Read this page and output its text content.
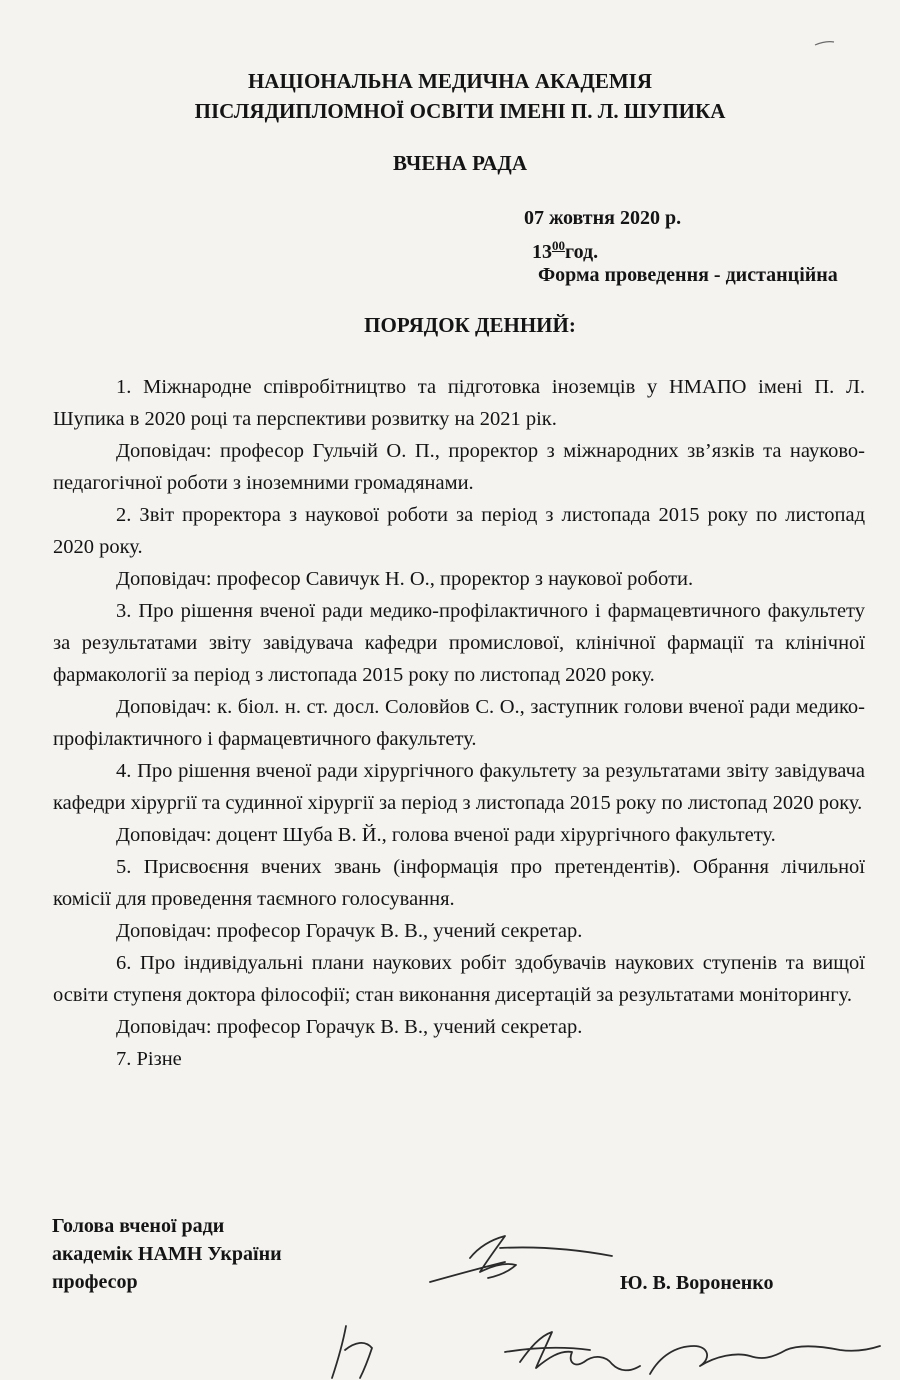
НАЦІОНАЛЬНА МЕДИЧНА АКАДЕМІЯ
ПІСЛЯДИПЛОМНОЇ ОСВІТИ ІМЕНІ П. Л. ШУПИКА
ВЧЕНА РАДА
07 жовтня 2020 р.
$13^{00}год$.
Форма проведення - дистанційна
ПОРЯДОК ДЕННИЙ:

1. Міжнародне співробітництво та підготовка іноземців у НМАПО імені П. Л. Шупика в 2020 році та перспективи розвитку на 2021 рік.

Доповідач: професор Гульчій О. П., проректор з міжнародних зв’язків та науково-педагогічної роботи з іноземними громадянами.

2. Звіт проректора з наукової роботи за період з листопада 2015 року по листопад 2020 року.

Доповідач: професор Савичук Н. О., проректор з наукової роботи.

3. Про рішення вченої ради медико-профілактичного і фармацевтичного факультету за результатами звіту завідувача кафедри промислової, клінічної фармації та клінічної фармакології за період з листопада 2015 року по листопад 2020 року.

Доповідач: к. біол. н. ст. досл. Соловйов С. О., заступник голови вченої ради медико-профілактичного і фармацевтичного факультету.

4. Про рішення вченої ради хірургічного факультету за результатами звіту завідувача кафедри хірургії та судинної хірургії за період з листопада 2015 року по листопад 2020 року.

Доповідач: доцент Шуба В. Й., голова вченої ради хірургічного факультету.

5. Присвоєння вчених звань (інформація про претендентів). Обрання лічильної комісії для проведення таємного голосування.

Доповідач: професор Горачук В. В., учений секретар.

6. Про індивідуальні плани наукових робіт здобувачів наукових ступенів та вищої освіти ступеня доктора філософії; стан виконання дисертацій за результатами моніторингу.

Доповідач: професор Горачук В. В., учений секретар.

7. Різне

Голова вченої ради
академік НАМН України
професор	Ю. В. Вороненко
